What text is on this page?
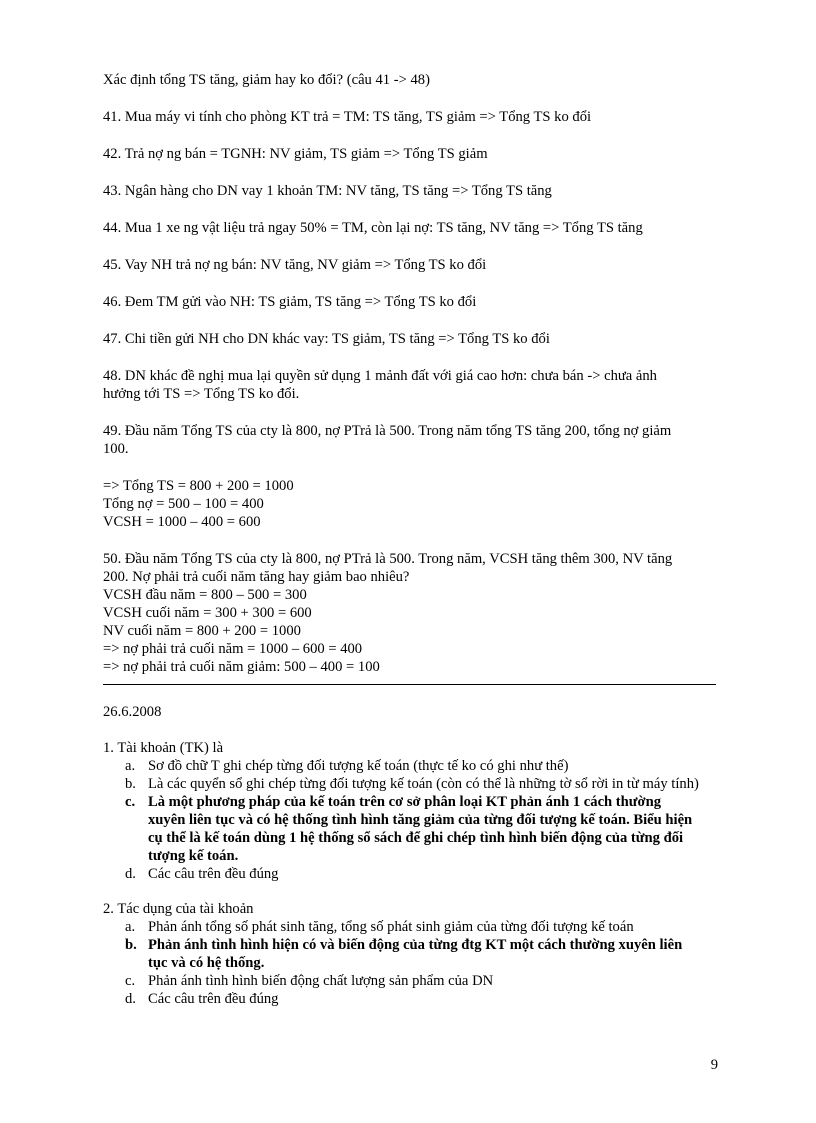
Xác định tổng TS tăng, giảm hay ko đổi? (câu 41 -> 48)

41. Mua máy vi tính cho phòng KT trả = TM: TS tăng, TS giảm => Tổng TS ko đổi

42. Trả nợ ng bán = TGNH: NV giảm, TS giảm => Tổng TS giảm

43. Ngân hàng cho DN vay 1 khoản TM: NV tăng, TS tăng => Tổng TS tăng

44. Mua 1 xe ng vật liệu trả ngay 50% = TM, còn lại nợ: TS tăng, NV tăng => Tổng TS tăng

45. Vay NH trả nợ ng bán: NV tăng, NV giảm => Tổng TS ko đổi

46. Đem TM gửi vào NH: TS giảm, TS tăng => Tổng TS ko đổi

47. Chi tiền gửi NH cho DN khác vay: TS giảm, TS tăng => Tổng TS ko đổi

48. DN khác đề nghị mua lại quyền sử dụng 1 mảnh đất với giá cao hơn: chưa bán -> chưa ảnh

hưởng tới TS => Tổng TS ko đổi.

49. Đầu năm Tổng TS của cty là 800, nợ PTrả là 500. Trong năm tổng TS tăng 200, tổng nợ giảm

100.

=> Tổng TS = 800 + 200 = 1000

Tổng nợ = 500 – 100 = 400

VCSH = 1000 – 400 = 600

50. Đầu năm Tổng TS của cty là 800, nợ PTrả là 500. Trong năm, VCSH tăng thêm 300, NV tăng

200. Nợ phải trả cuối năm tăng hay giảm bao nhiêu?

VCSH đầu năm = 800 – 500 = 300

VCSH cuối năm = 300 + 300 = 600

NV cuối năm = 800 + 200 = 1000

=> nợ phải trả cuối năm = 1000 – 600 = 400

=> nợ phải trả cuối năm giảm: 500 – 400 = 100

26.6.2008

1. Tài khoản (TK) là

a. Sơ đồ chữ T ghi chép từng đối tượng kế toán (thực tế ko có ghi như thế)
b. Là các quyển sổ ghi chép từng đối tượng kế toán (còn có thể là những tờ sổ rời in từ máy tính)
c. Là một phương pháp của kế toán trên cơ sở phân loại KT phản ánh 1 cách thường
xuyên liên tục và có hệ thống tình hình tăng giảm của từng đối tượng kế toán. Biểu hiện
cụ thể là kế toán dùng 1 hệ thống sổ sách để ghi chép tình hình biến động của từng đối
tượng kế toán.
d. Các câu trên đều đúng

2. Tác dụng của tài khoản

a. Phản ánh tổng số phát sinh tăng, tổng số phát sinh giảm của từng đối tượng kế toán
b. Phản ánh tình hình hiện có và biến động của từng đtg KT một cách thường xuyên liên
tục và có hệ thống.
c. Phản ánh tình hình biến động chất lượng sản phẩm của DN
d. Các câu trên đều đúng
9
